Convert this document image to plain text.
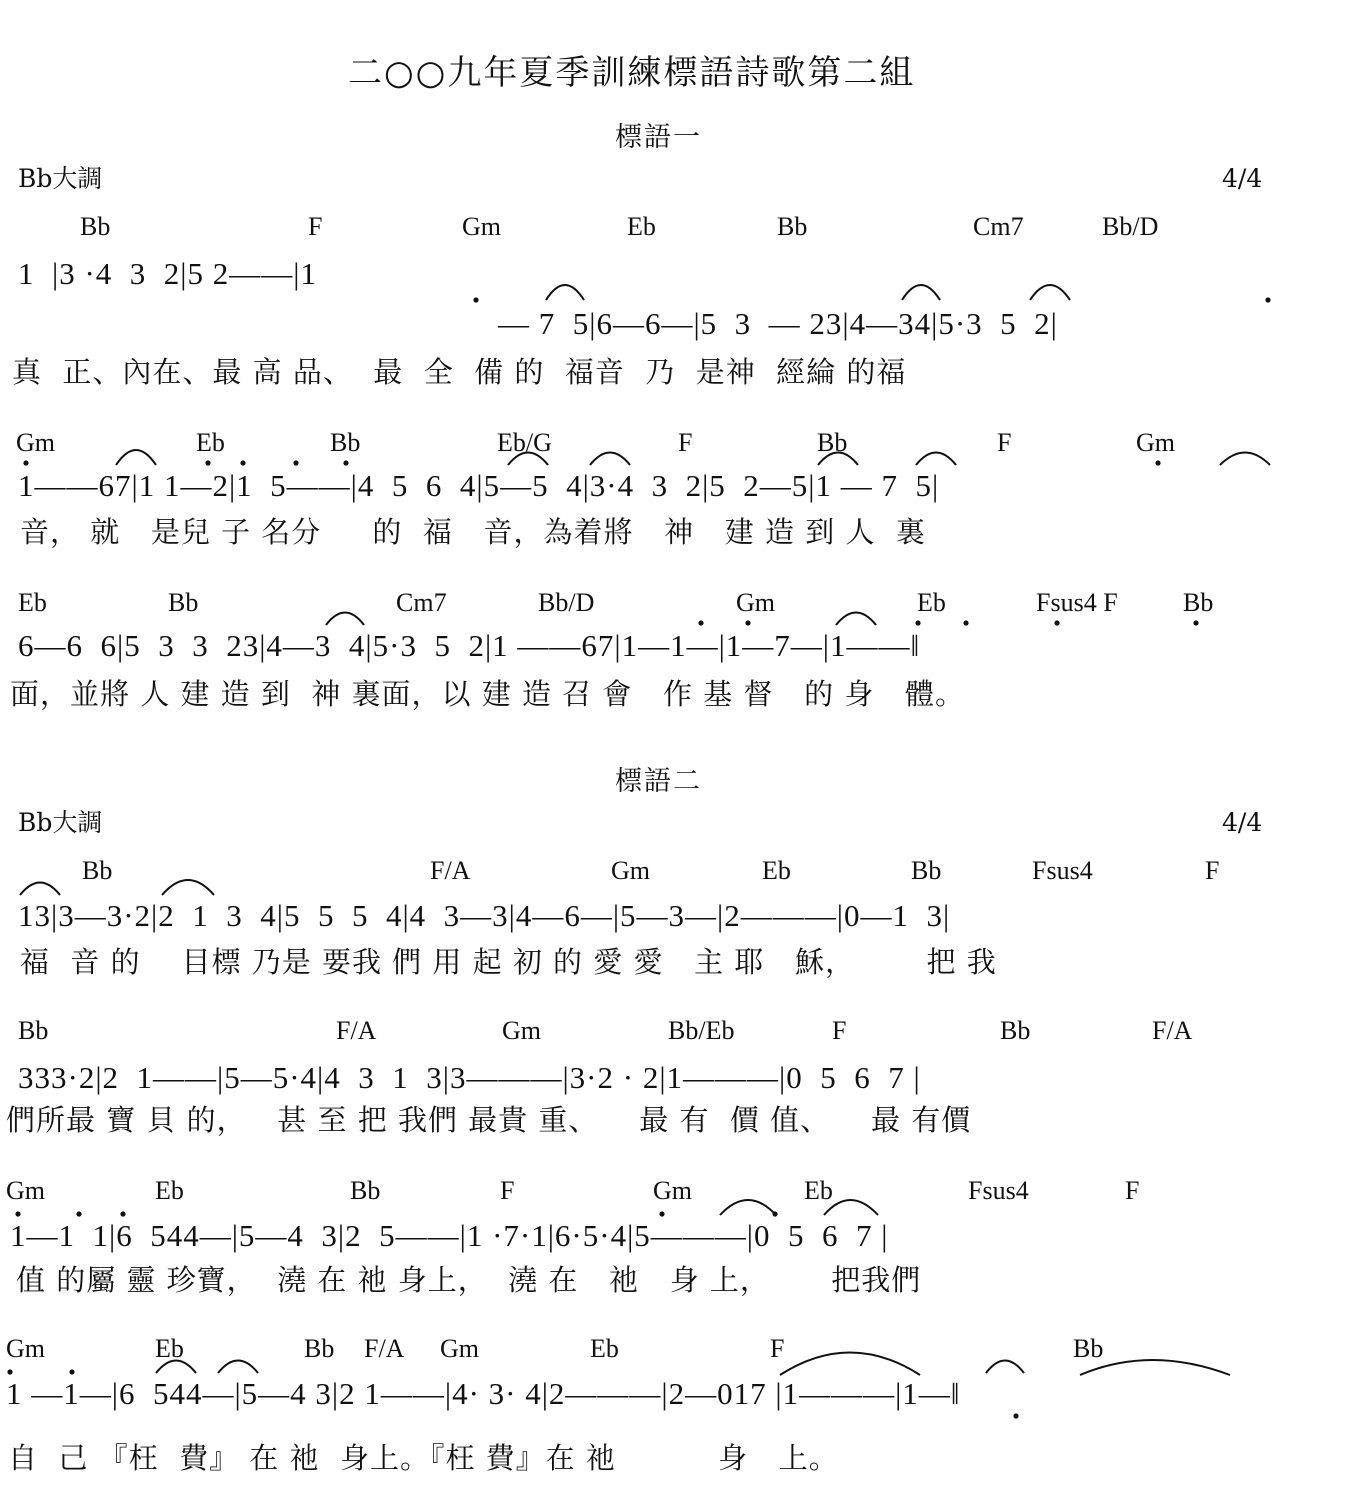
二○○九年夏季訓練標語詩歌第二組
標語一
Bb大調	4/4
Bb	F	Gm	Eb	Bb	Cm7	Bb/D
1  |3 ·4  3  2|5 2——|1
— 7  5|6—6—|5  3  — 23|4—34|5·3  5  2|
真  正、內在、最 高 品、  最  全  備 的  福音  乃  是神  經綸 的福
Gm	Eb	Bb	Eb/G	F	Bb	F	Gm
1——67|1 1—2|1  5——|4  5  6  4|5—5  4|3·4  3  2|5  2—5|1 — 7  5|
音， 就   是兒 子 名分     的  福   音，為着將   神   建 造 到 人  裏
Eb	Bb	Cm7	Bb/D	Gm	Eb	Fsus4 F	Bb
6—6  6|5  3  3  23|4—3  4|5·3  5  2|1 ——67|1—1—|1—7—|1——‖
面，並將 人 建 造 到  神 裏面，以 建 造 召 會   作 基 督   的 身   體。
標語二
Bb大調	4/4
Bb	F/A	Gm	Eb	Bb	Fsus4	F
13|3—3·2|2  1  3  4|5  5  5  4|4  3—3|4—6—|5—3—|2———|0—1  3|
福  音 的    目標 乃是 要我 們 用 起 初 的 愛 愛   主 耶   穌，       把 我
Bb	F/A	Gm	Bb/Eb	F	Bb	F/A
333·2|2  1——|5—5·4|4  3  1  3|3———|3·2 · 2|1———|0  5  6  7 |
們所最 寶 貝 的，   甚 至 把 我們 最貴 重、    最 有  價 值、    最 有價
Gm	Eb	Bb	F	Gm	Eb	Fsus4	F
1—1  1|6  544—|5—4  3|2  5——|1 ·7·1|6·5·4|5———|0  5  6  7 |
值 的屬 靈 珍寶，  澆 在 祂 身上，  澆 在   祂   身 上，      把我們
Gm	Eb	Bb F/A Gm	Eb	F	Bb
1 —1—|6  544—|5—4 3|2 1——|4· 3· 4|2———|2—017 |1———|1—‖
自  己 『枉  費』 在 祂  身上。『枉 費』在 祂          身   上。
